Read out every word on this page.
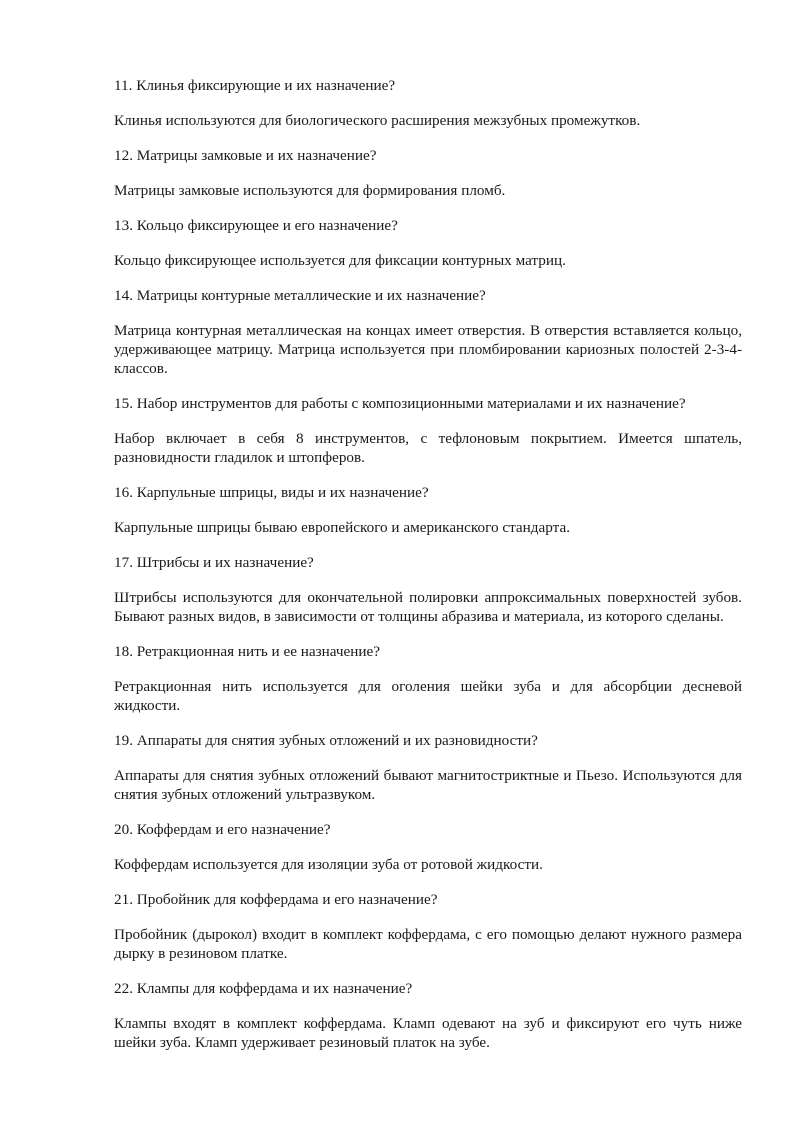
11. Клинья фиксирующие и их назначение?

Клинья используются для биологического расширения межзубных промежутков.

12. Матрицы замковые и их назначение?

Матрицы замковые используются для формирования пломб.

13. Кольцо фиксирующее и его назначение?

Кольцо фиксирующее используется для фиксации контурных матриц.

14. Матрицы контурные металлические и их назначение?

Матрица контурная металлическая на концах имеет отверстия. В отверстия вставляется кольцо, удерживающее матрицу. Матрица используется при пломбировании кариозных полостей 2-3-4- классов.

15. Набор инструментов для работы с композиционными материалами и их назначение?

Набор включает в себя 8 инструментов, с тефлоновым покрытием. Имеется шпатель, разновидности гладилок и штопферов.

16. Карпульные шприцы, виды и их назначение?

Карпульные шприцы бываю европейского и американского стандарта.

17. Штрибсы и их назначение?

Штрибсы используются для окончательной полировки аппроксимальных поверхностей зубов. Бывают разных видов, в зависимости от толщины абразива и материала, из которого сделаны.

18. Ретракционная нить и ее назначение?

Ретракционная нить используется для оголения шейки зуба и для абсорбции десневой жидкости.

19. Аппараты для снятия зубных отложений и их разновидности?

Аппараты для снятия зубных отложений бывают магнитостриктные и Пьезо. Используются для снятия зубных отложений ультразвуком.

20. Коффердам и его назначение?

Коффердам используется для изоляции зуба от ротовой жидкости.

21. Пробойник для коффердама и его назначение?

Пробойник (дырокол) входит в комплект коффердама, с его помощью делают нужного размера дырку в резиновом платке.

22. Клампы для коффердама и их назначение?

Клампы входят в комплект коффердама. Кламп одевают на зуб и фиксируют его чуть ниже шейки зуба. Кламп удерживает резиновый платок на зубе.
